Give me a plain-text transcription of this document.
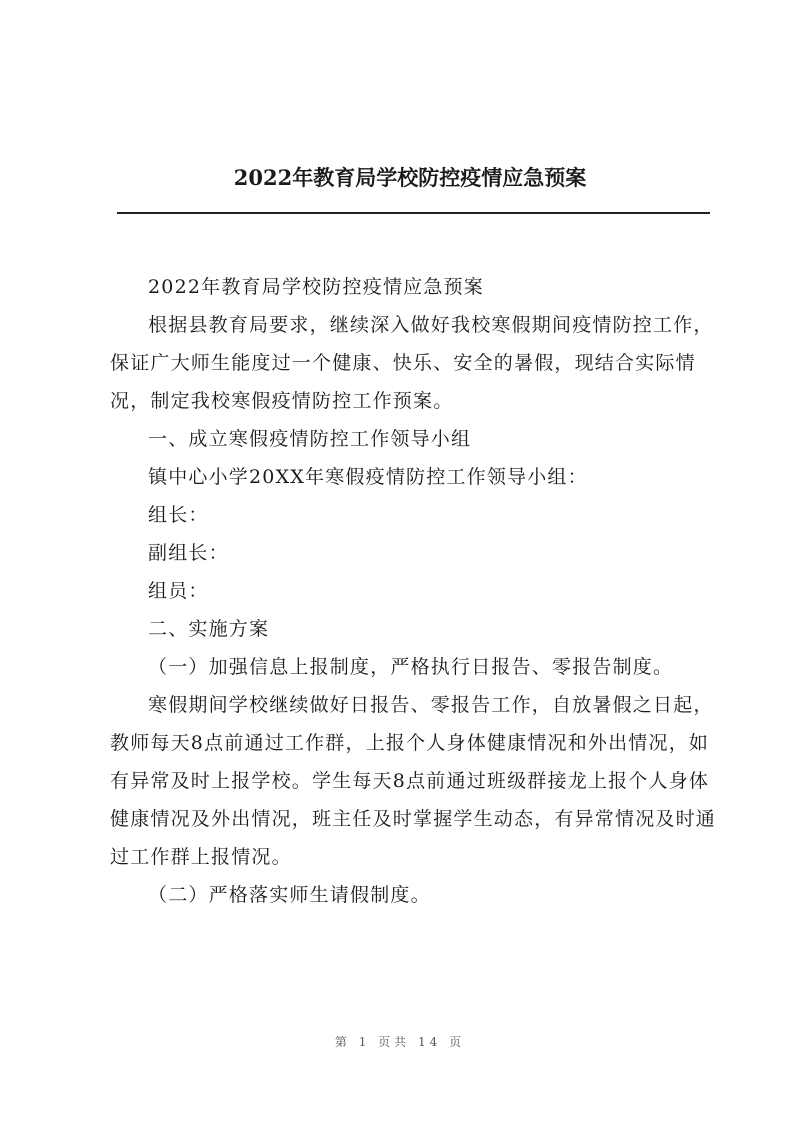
2022年教育局学校防控疫情应急预案

2022年教育局学校防控疫情应急预案

根据县教育局要求，继续深入做好我校寒假期间疫情防控工作，保证广大师生能度过一个健康、快乐、安全的暑假，现结合实际情况，制定我校寒假疫情防控工作预案。

一、成立寒假疫情防控工作领导小组

镇中心小学20XX年寒假疫情防控工作领导小组：

组长：

副组长：

组员：

二、实施方案

（一）加强信息上报制度，严格执行日报告、零报告制度。

寒假期间学校继续做好日报告、零报告工作，自放暑假之日起，教师每天8点前通过工作群，上报个人身体健康情况和外出情况，如有异常及时上报学校。学生每天8点前通过班级群接龙上报个人身体健康情况及外出情况，班主任及时掌握学生动态，有异常情况及时通过工作群上报情况。

（二）严格落实师生请假制度。

第 1 页共 14 页
